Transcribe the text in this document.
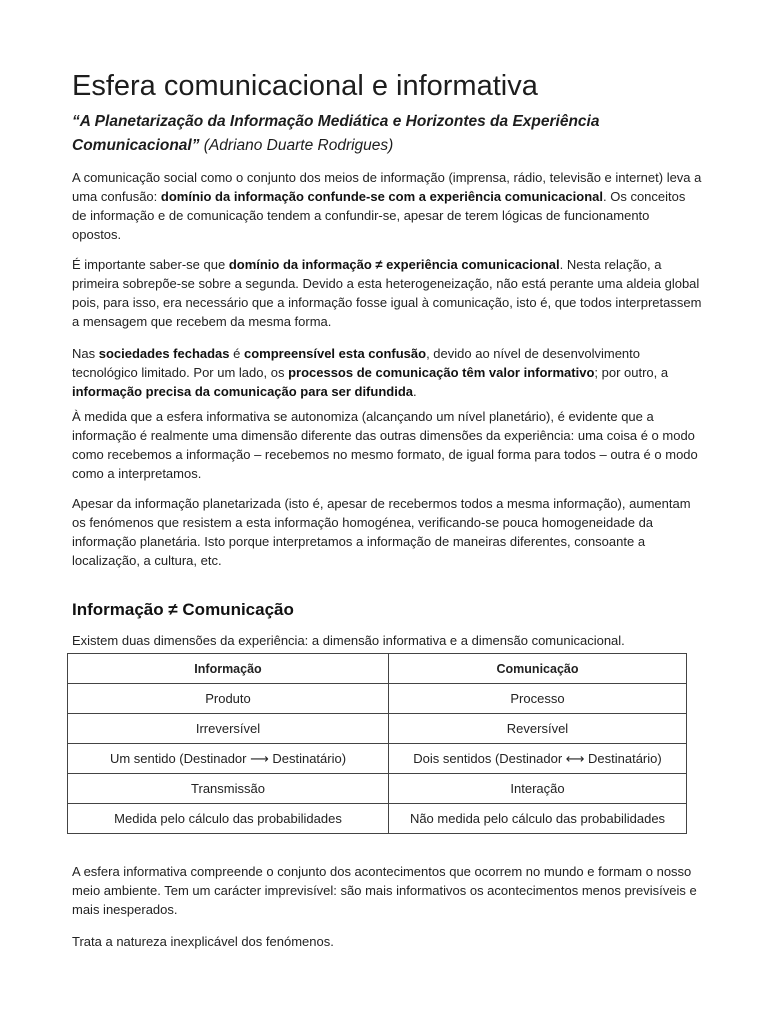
Esfera comunicacional e informativa

“A Planetarização da Informação Mediática e Horizontes da Experiência Comunicacional” (Adriano Duarte Rodrigues)

A comunicação social como o conjunto dos meios de informação (imprensa, rádio, televisão e internet) leva a uma confusão: domínio da informação confunde-se com a experiência comunicacional. Os conceitos de informação e de comunicação tendem a confundir-se, apesar de terem lógicas de funcionamento opostos.

É importante saber-se que domínio da informação ≠ experiência comunicacional. Nesta relação, a primeira sobrepõe-se sobre a segunda. Devido a esta heterogeneização, não está perante uma aldeia global pois, para isso, era necessário que a informação fosse igual à comunicação, isto é, que todos interpretassem a mensagem que recebem da mesma forma.

Nas sociedades fechadas é compreensível esta confusão, devido ao nível de desenvolvimento tecnológico limitado. Por um lado, os processos de comunicação têm valor informativo; por outro, a informação precisa da comunicação para ser difundida.

À medida que a esfera informativa se autonomiza (alcançando um nível planetário), é evidente que a informação é realmente uma dimensão diferente das outras dimensões da experiência: uma coisa é o modo como recebemos a informação – recebemos no mesmo formato, de igual forma para todos – outra é o modo como a interpretamos.

Apesar da informação planetarizada (isto é, apesar de recebermos todos a mesma informação), aumentam os fenómenos que resistem a esta informação homogénea, verificando-se pouca homogeneidade da informação planetária. Isto porque interpretamos a informação de maneiras diferentes, consoante a localização, a cultura, etc.

Informação ≠ Comunicação

Existem duas dimensões da experiência: a dimensão informativa e a dimensão comunicacional.

Informação	Comunicação
Produto	Processo
Irreversível	Reversível
Um sentido (Destinador ⟶ Destinatário)	Dois sentidos (Destinador ⟷ Destinatário)
Transmissão	Interação
Medida pelo cálculo das probabilidades	Não medida pelo cálculo das probabilidades

A esfera informativa compreende o conjunto dos acontecimentos que ocorrem no mundo e formam o nosso meio ambiente. Tem um carácter imprevisível: são mais informativos os acontecimentos menos previsíveis e mais inesperados.

Trata a natureza inexplicável dos fenómenos.
